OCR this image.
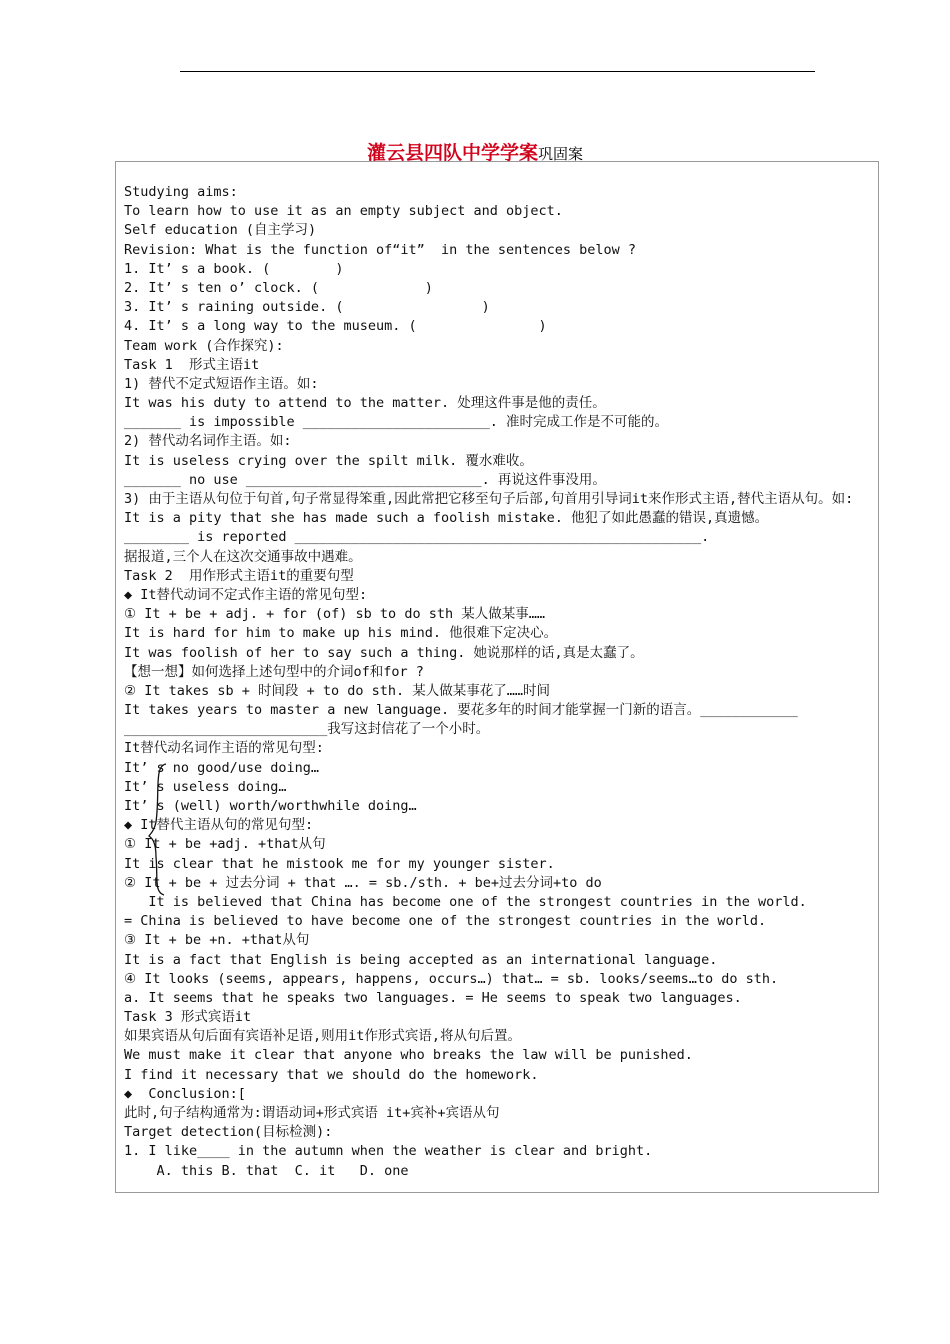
灌云县四队中学学案巩固案
Studying aims:
To learn how to use it as an empty subject and object.
Self education (自主学习)
Revision: What is the function of“it”  in the sentences below ?
1. It’ s a book. (        )
2. It’ s ten o’ clock. (             )
3. It’ s raining outside. (                 )
4. It’ s a long way to the museum. (               )
Team work (合作探究):
Task 1  形式主语it
1) 替代不定式短语作主语。如:
It was his duty to attend to the matter. 处理这件事是他的责任。
_______ is impossible _______________________. 准时完成工作是不可能的。
2) 替代动名词作主语。如:
It is useless crying over the spilt milk. 覆水难收。
_______ no use _____________________________. 再说这件事没用。
3) 由于主语从句位于句首,句子常显得笨重,因此常把它移至句子后部,句首用引导词it来作形式主语,替代主语从句。如:
It is a pity that she has made such a foolish mistake. 他犯了如此愚蠢的错误,真遗憾。
________ is reported __________________________________________________.
据报道,三个人在这次交通事故中遇难。
Task 2  用作形式主语it的重要句型
◆ It替代动词不定式作主语的常见句型:
① It + be + adj. + for (of) sb to do sth 某人做某事……
It is hard for him to make up his mind. 他很难下定决心。
It was foolish of her to say such a thing. 她说那样的话,真是太蠢了。
【想一想】如何选择上述句型中的介词of和for ?
② It takes sb + 时间段 + to do sth. 某人做某事花了……时间
It takes years to master a new language. 要花多年的时间才能掌握一门新的语言。____________
_________________________我写这封信花了一个小时。
It替代动名词作主语的常见句型:
It’ s no good/use doing…
It’ s useless doing…
It’ s (well) worth/worthwhile doing…
◆ It替代主语从句的常见句型:
① It + be +adj. +that从句
It is clear that he mistook me for my younger sister.
② It + be + 过去分词 + that …. = sb./sth. + be+过去分词+to do
It is believed that China has become one of the strongest countries in the world.
= China is believed to have become one of the strongest countries in the world.
③ It + be +n. +that从句
It is a fact that English is being accepted as an international language.
④ It looks (seems, appears, happens, occurs…) that… = sb. looks/seems…to do sth.
a. It seems that he speaks two languages. = He seems to speak two languages.
Task 3 形式宾语it
如果宾语从句后面有宾语补足语,则用it作形式宾语,将从句后置。
We must make it clear that anyone who breaks the law will be punished.
I find it necessary that we should do the homework.
◆  Conclusion:[
此时,句子结构通常为:谓语动词+形式宾语 it+宾补+宾语从句
Target detection(目标检测):
1. I like____ in the autumn when the weather is clear and bright.
A. this B. that  C. it   D. one
